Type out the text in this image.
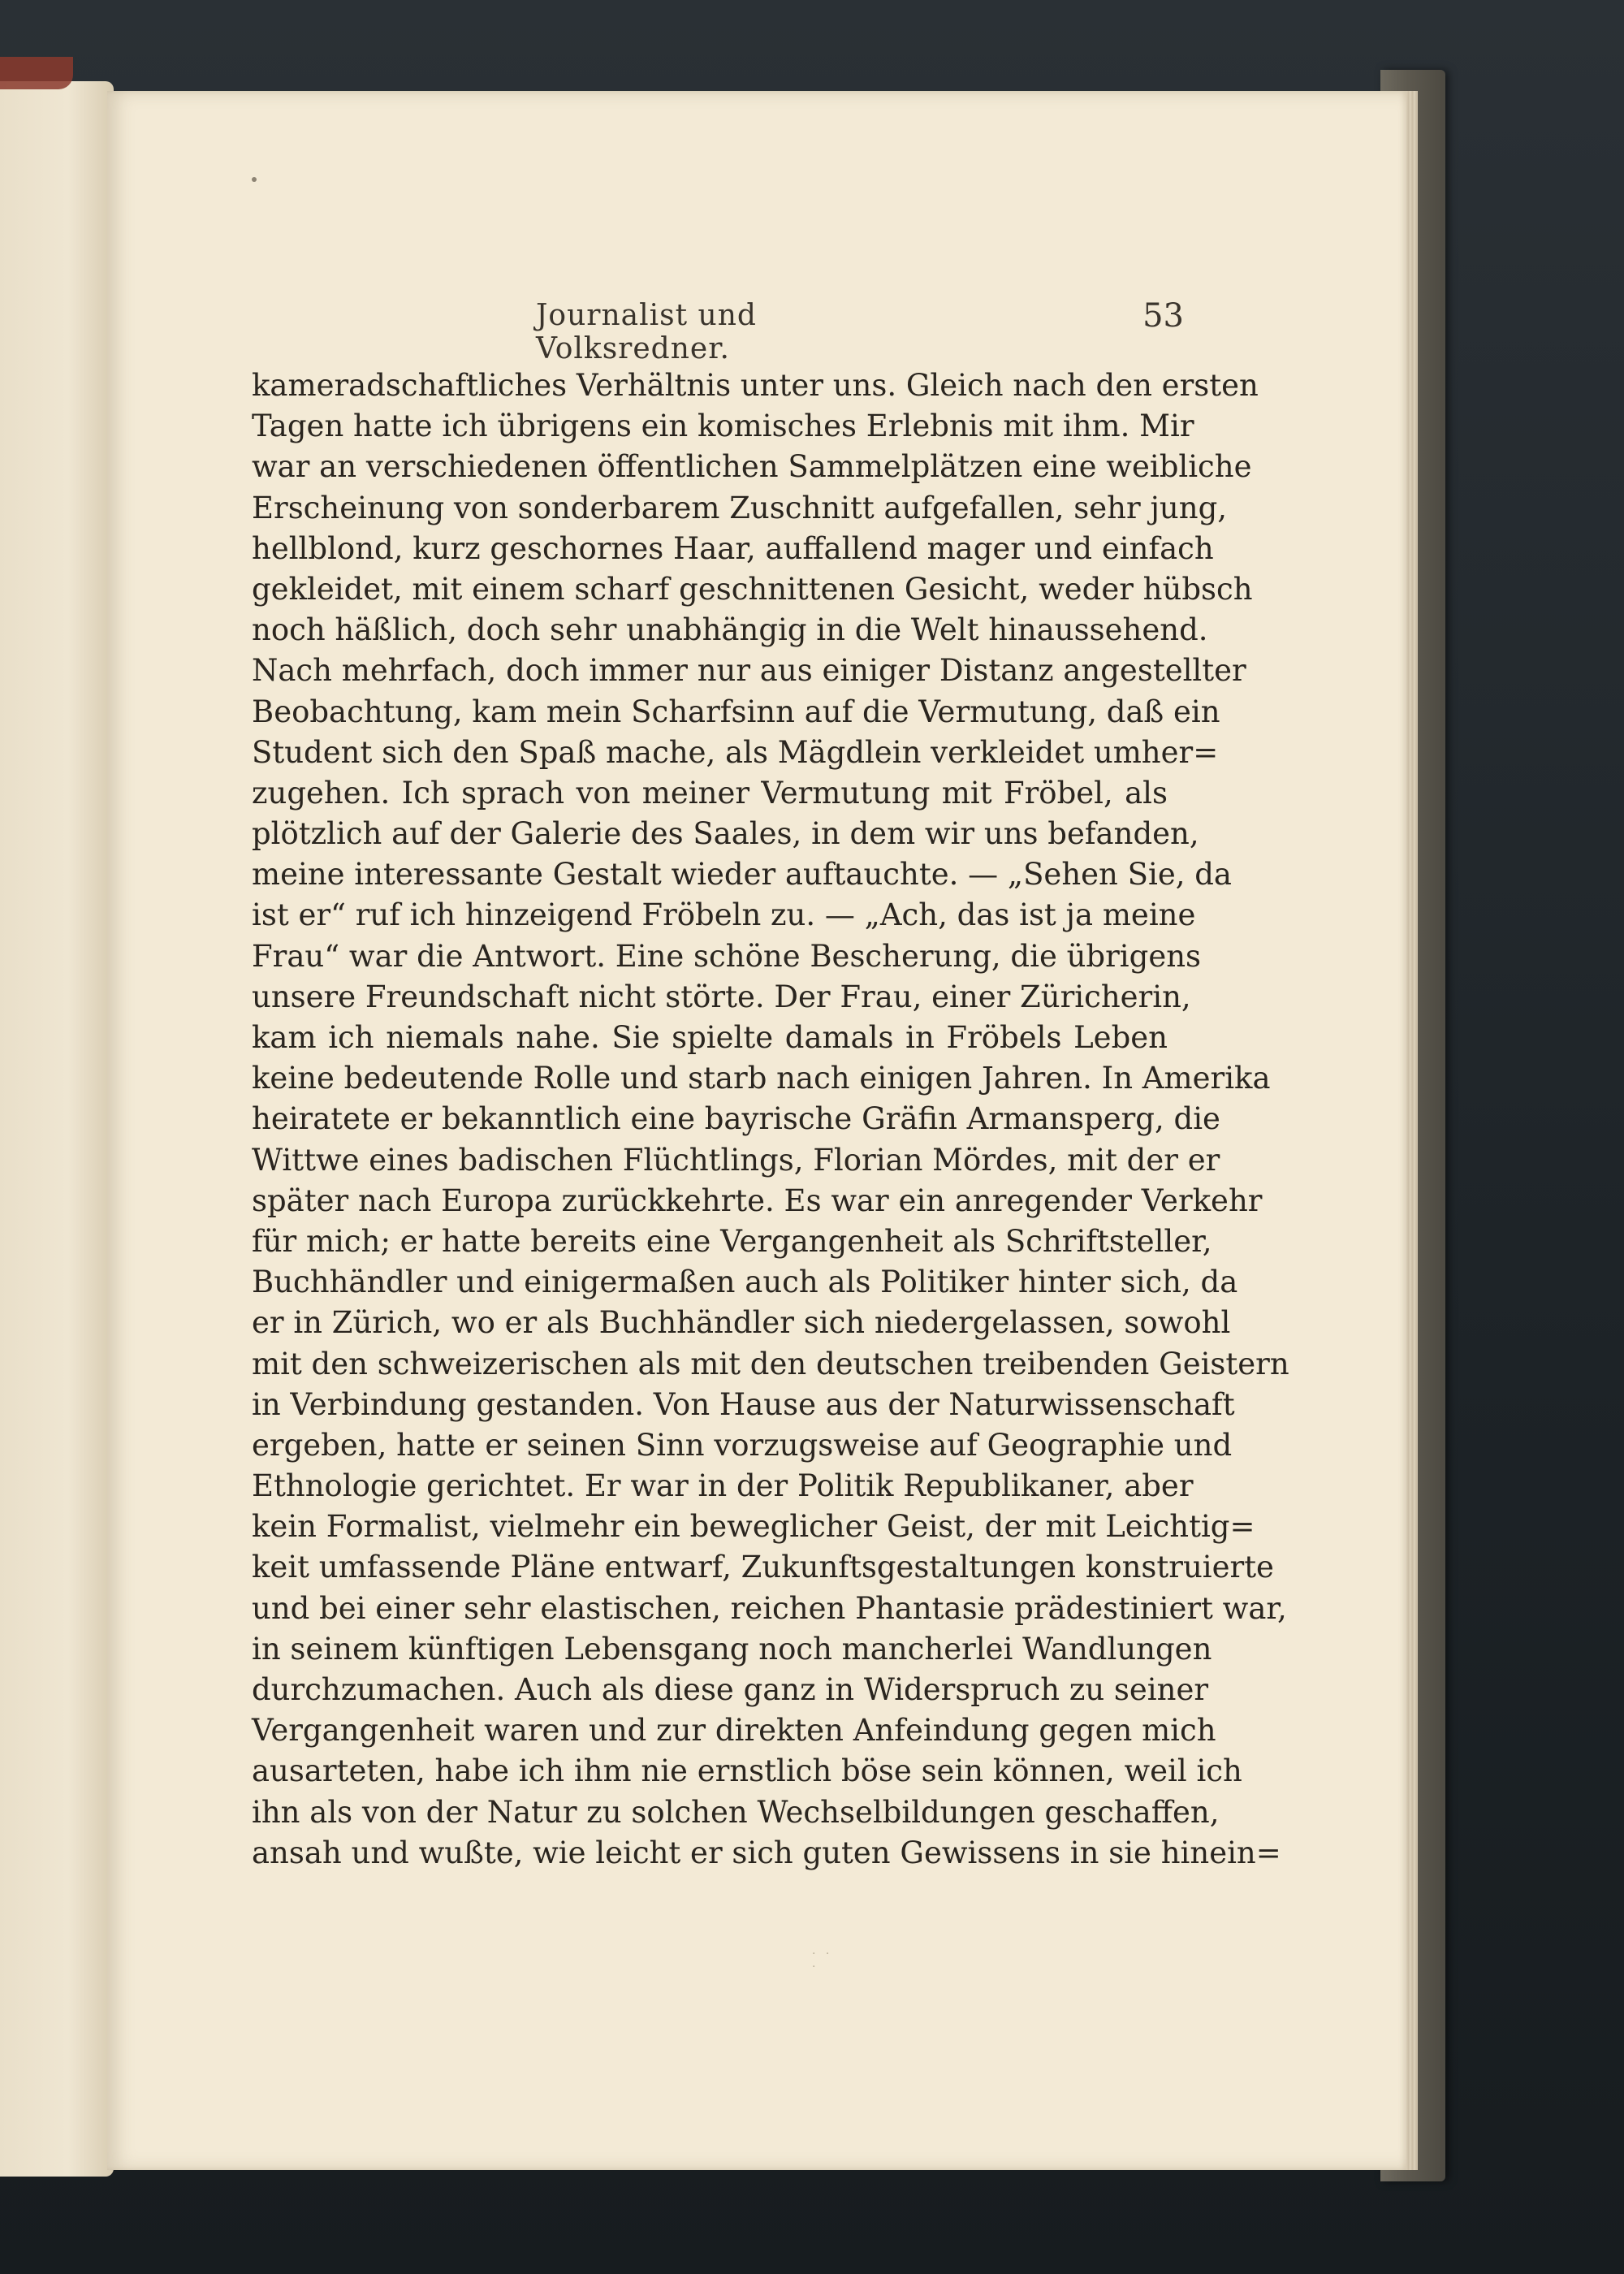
Journalist und Volksredner.
53
kameradschaftliches Verhältnis unter uns. Gleich nach den ersten
Tagen hatte ich übrigens ein komisches Erlebnis mit ihm. Mir
war an verschiedenen öffentlichen Sammelplätzen eine weibliche
Erscheinung von sonderbarem Zuschnitt aufgefallen, sehr jung,
hellblond, kurz geschornes Haar, auffallend mager und einfach
gekleidet, mit einem scharf geschnittenen Gesicht, weder hübsch
noch häßlich, doch sehr unabhängig in die Welt hinaussehend.
Nach mehrfach, doch immer nur aus einiger Distanz angestellter
Beobachtung, kam mein Scharfsinn auf die Vermutung, daß ein
Student sich den Spaß mache, als Mägdlein verkleidet umher=
zugehen. Ich sprach von meiner Vermutung mit Fröbel, als
plötzlich auf der Galerie des Saales, in dem wir uns befanden,
meine interessante Gestalt wieder auftauchte. — „Sehen Sie, da
ist er“ ruf ich hinzeigend Fröbeln zu. — „Ach, das ist ja meine
Frau“ war die Antwort. Eine schöne Bescherung, die übrigens
unsere Freundschaft nicht störte. Der Frau, einer Züricherin,
kam ich niemals nahe. Sie spielte damals in Fröbels Leben
keine bedeutende Rolle und starb nach einigen Jahren. In Amerika
heiratete er bekanntlich eine bayrische Gräfin Armansperg, die
Wittwe eines badischen Flüchtlings, Florian Mördes, mit der er
später nach Europa zurückkehrte. Es war ein anregender Verkehr
für mich; er hatte bereits eine Vergangenheit als Schriftsteller,
Buchhändler und einigermaßen auch als Politiker hinter sich, da
er in Zürich, wo er als Buchhändler sich niedergelassen, sowohl
mit den schweizerischen als mit den deutschen treibenden Geistern
in Verbindung gestanden. Von Hause aus der Naturwissenschaft
ergeben, hatte er seinen Sinn vorzugsweise auf Geographie und
Ethnologie gerichtet. Er war in der Politik Republikaner, aber
kein Formalist, vielmehr ein beweglicher Geist, der mit Leichtig=
keit umfassende Pläne entwarf, Zukunftsgestaltungen konstruierte
und bei einer sehr elastischen, reichen Phantasie prädestiniert war,
in seinem künftigen Lebensgang noch mancherlei Wandlungen
durchzumachen. Auch als diese ganz in Widerspruch zu seiner
Vergangenheit waren und zur direkten Anfeindung gegen mich
ausarteten, habe ich ihm nie ernstlich böse sein können, weil ich
ihn als von der Natur zu solchen Wechselbildungen geschaffen,
ansah und wußte, wie leicht er sich guten Gewissens in sie hinein=
· · ·
